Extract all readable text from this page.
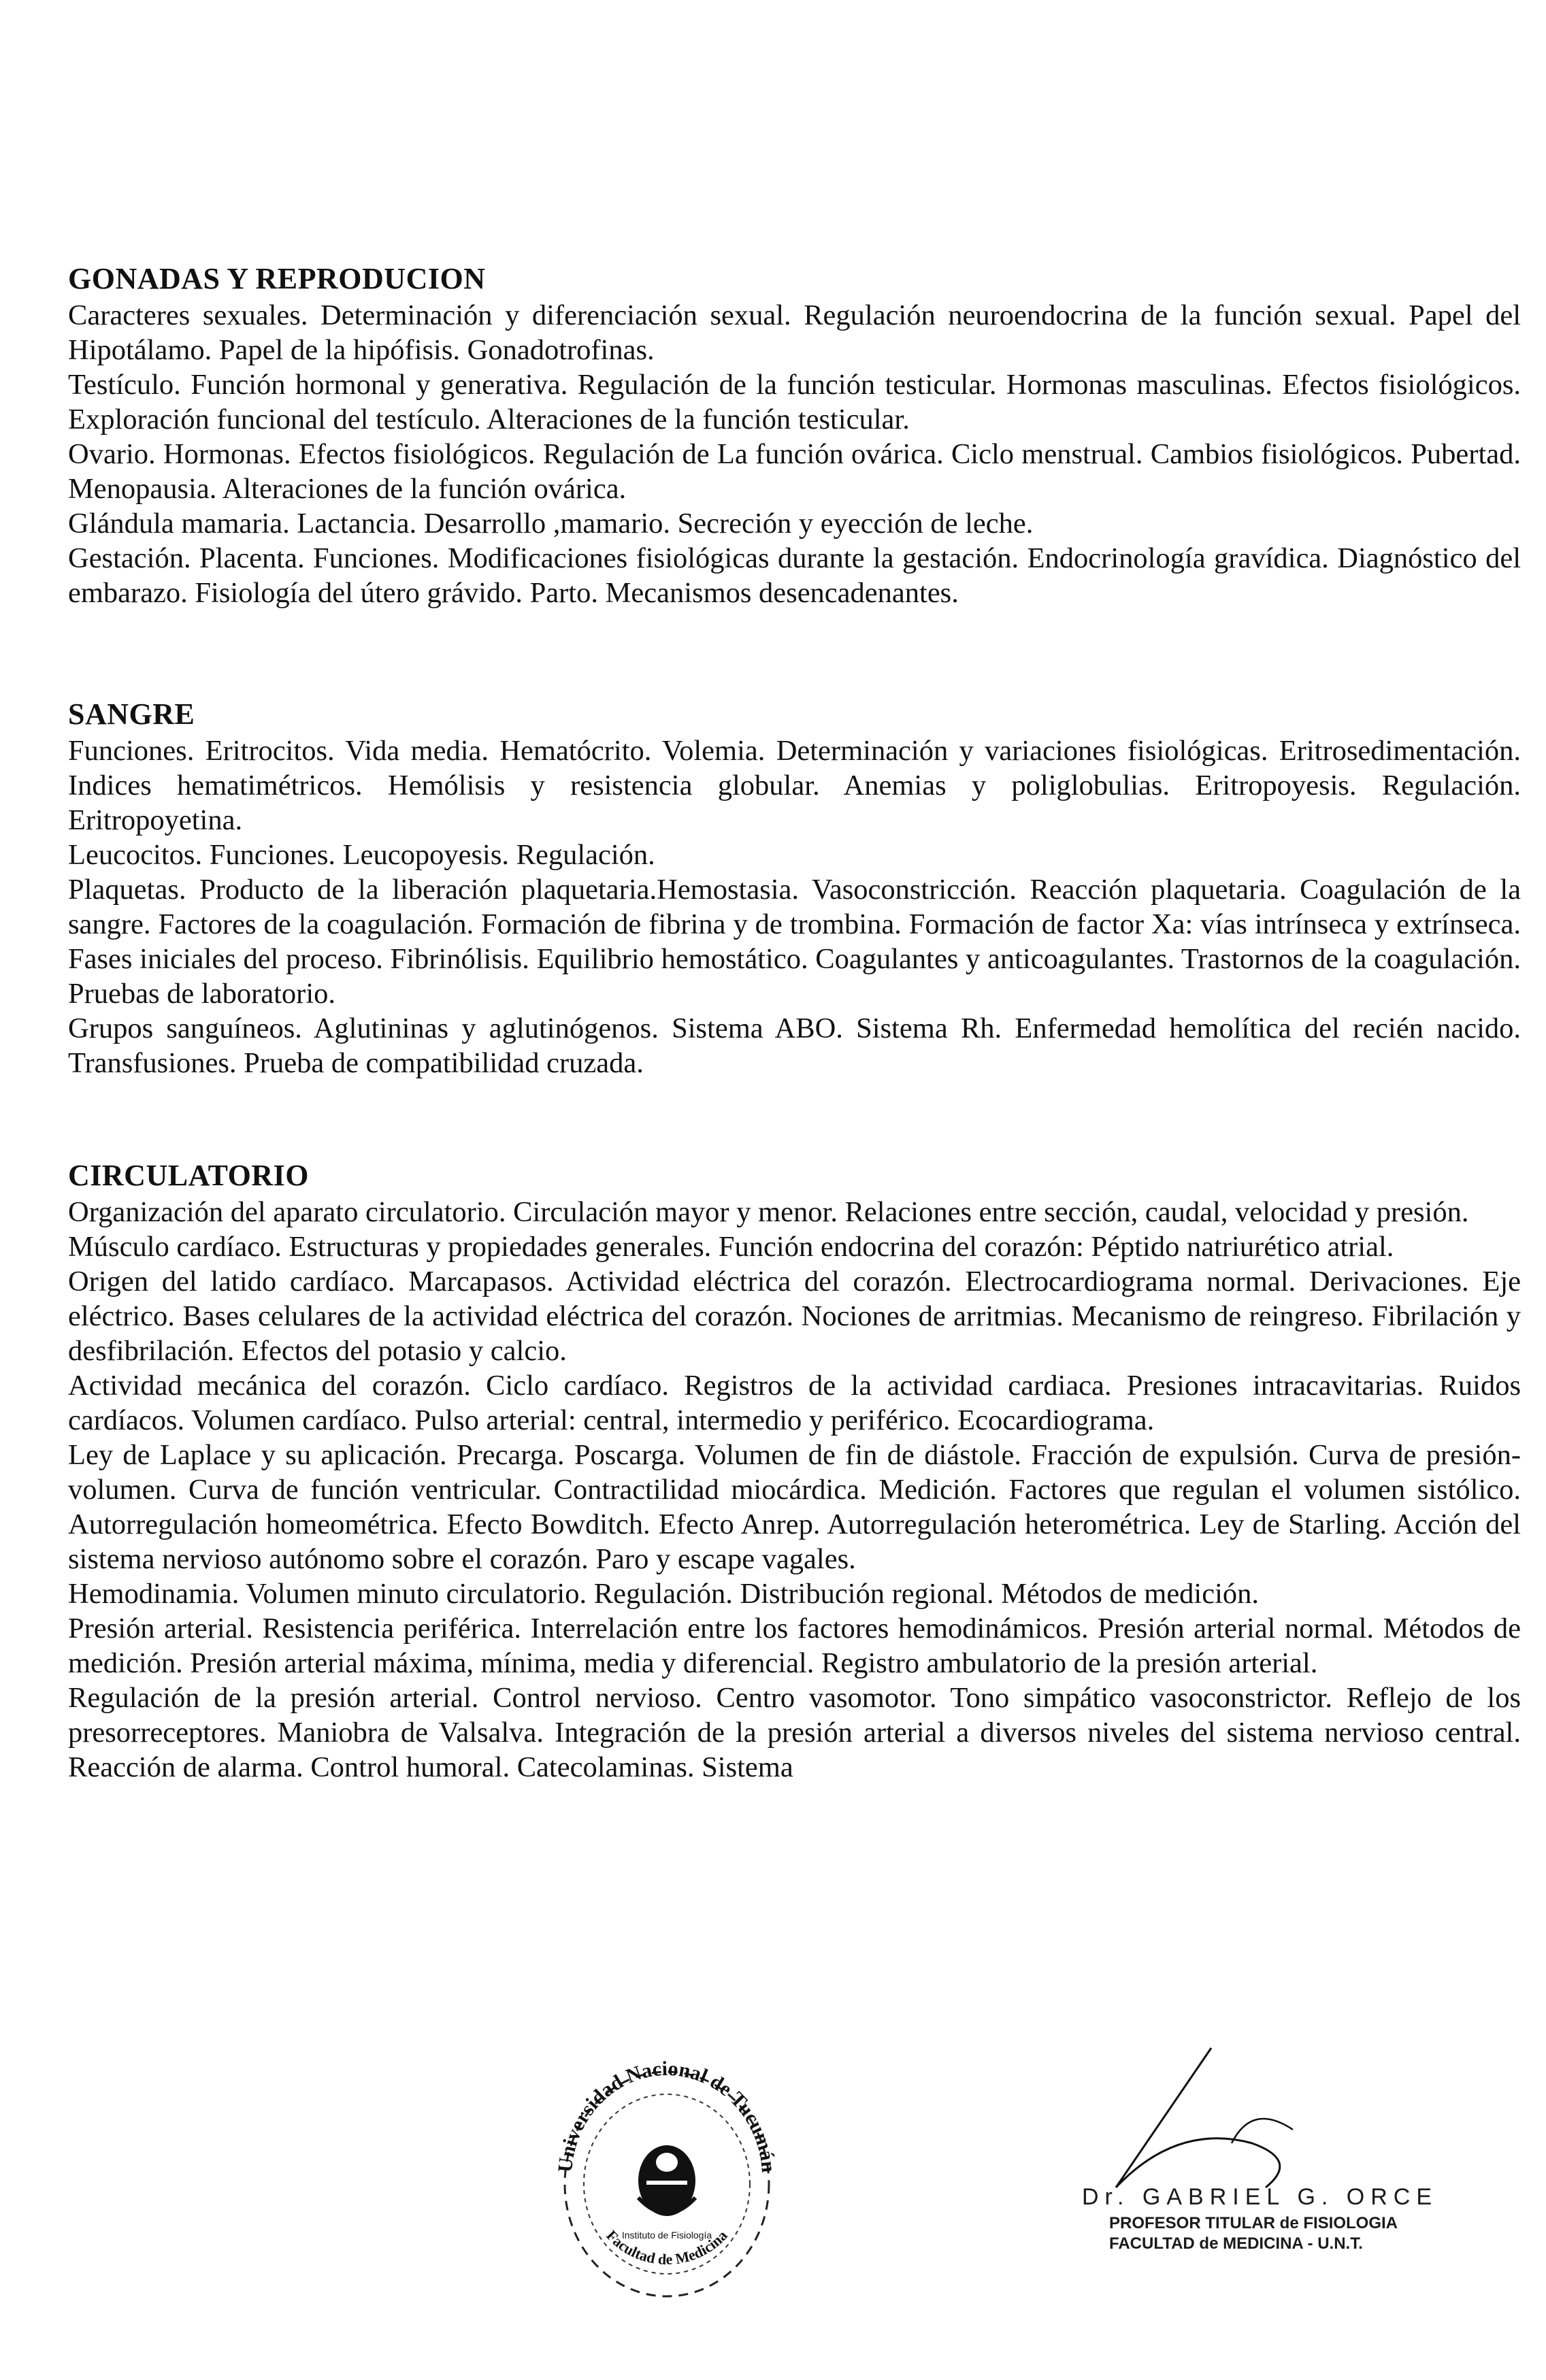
GONADAS Y REPRODUCION

Caracteres sexuales. Determinación y diferenciación sexual. Regulación neuroendocrina de la función sexual. Papel del Hipotálamo. Papel de la hipófisis. Gonadotrofinas.

Testículo. Función hormonal y generativa. Regulación de la función testicular. Hormonas masculinas. Efectos fisiológicos. Exploración funcional del testículo. Alteraciones de la función testicular.

Ovario. Hormonas. Efectos fisiológicos. Regulación de La función ovárica. Ciclo menstrual. Cambios fisiológicos. Pubertad. Menopausia. Alteraciones de la función ovárica.

Glándula mamaria. Lactancia. Desarrollo ,mamario. Secreción y eyección de leche.

Gestación. Placenta. Funciones. Modificaciones fisiológicas durante la gestación. Endocrinología gravídica. Diagnóstico del embarazo. Fisiología del útero grávido. Parto. Mecanismos desencadenantes.

SANGRE

Funciones. Eritrocitos. Vida media. Hematócrito. Volemia. Determinación y variaciones fisiológicas. Eritrosedimentación. Indices hematimétricos. Hemólisis y resistencia globular. Anemias y poliglobulias. Eritropoyesis. Regulación. Eritropoyetina.

Leucocitos. Funciones. Leucopoyesis. Regulación.

Plaquetas. Producto de la liberación plaquetaria.Hemostasia. Vasoconstricción. Reacción plaquetaria. Coagulación de la sangre. Factores de la coagulación. Formación de fibrina y de trombina. Formación de factor Xa: vías intrínseca y extrínseca. Fases iniciales del proceso. Fibrinólisis. Equilibrio hemostático. Coagulantes y anticoagulantes. Trastornos de la coagulación. Pruebas de laboratorio.

Grupos sanguíneos. Aglutininas y aglutinógenos. Sistema ABO. Sistema Rh. Enfermedad hemolítica del recién nacido. Transfusiones. Prueba de compatibilidad cruzada.

CIRCULATORIO

Organización del aparato circulatorio. Circulación mayor y menor. Relaciones entre sección, caudal, velocidad y presión.

Músculo cardíaco. Estructuras y propiedades generales. Función endocrina del corazón: Péptido natriurético atrial.

Origen del latido cardíaco. Marcapasos. Actividad eléctrica del corazón. Electrocardiograma normal. Derivaciones. Eje eléctrico. Bases celulares de la actividad eléctrica del corazón. Nociones de arritmias. Mecanismo de reingreso. Fibrilación y desfibrilación. Efectos del potasio y calcio.

Actividad mecánica del corazón. Ciclo cardíaco. Registros de la actividad cardiaca. Presiones intracavitarias. Ruidos cardíacos. Volumen cardíaco. Pulso arterial: central, intermedio y periférico. Ecocardiograma.

Ley de Laplace y su aplicación. Precarga. Poscarga. Volumen de fin de diástole. Fracción de expulsión. Curva de presión-volumen. Curva de función ventricular. Contractilidad miocárdica. Medición. Factores que regulan el volumen sistólico. Autorregulación homeométrica. Efecto Bowditch. Efecto Anrep. Autorregulación heterométrica. Ley de Starling. Acción del sistema nervioso autónomo sobre el corazón. Paro y escape vagales.

Hemodinamia. Volumen minuto circulatorio. Regulación. Distribución regional. Métodos de medición.

Presión arterial. Resistencia periférica. Interrelación entre los factores hemodinámicos. Presión arterial normal. Métodos de medición. Presión arterial máxima, mínima, media y diferencial. Registro ambulatorio de la presión arterial.

Regulación de la presión arterial. Control nervioso. Centro vasomotor. Tono simpático vasoconstrictor. Reflejo de los presorreceptores. Maniobra de Valsalva. Integración de la presión arterial a diversos niveles del sistema nervioso central. Reacción de alarma. Control humoral. Catecolaminas. Sistema

Universidad Nacional de Tucumán
Facultad de Medicina
Instituto de Fisiología
Dr. GABRIEL G. ORCE
PROFESOR TITULAR de FISIOLOGIA
FACULTAD de MEDICINA - U.N.T.
